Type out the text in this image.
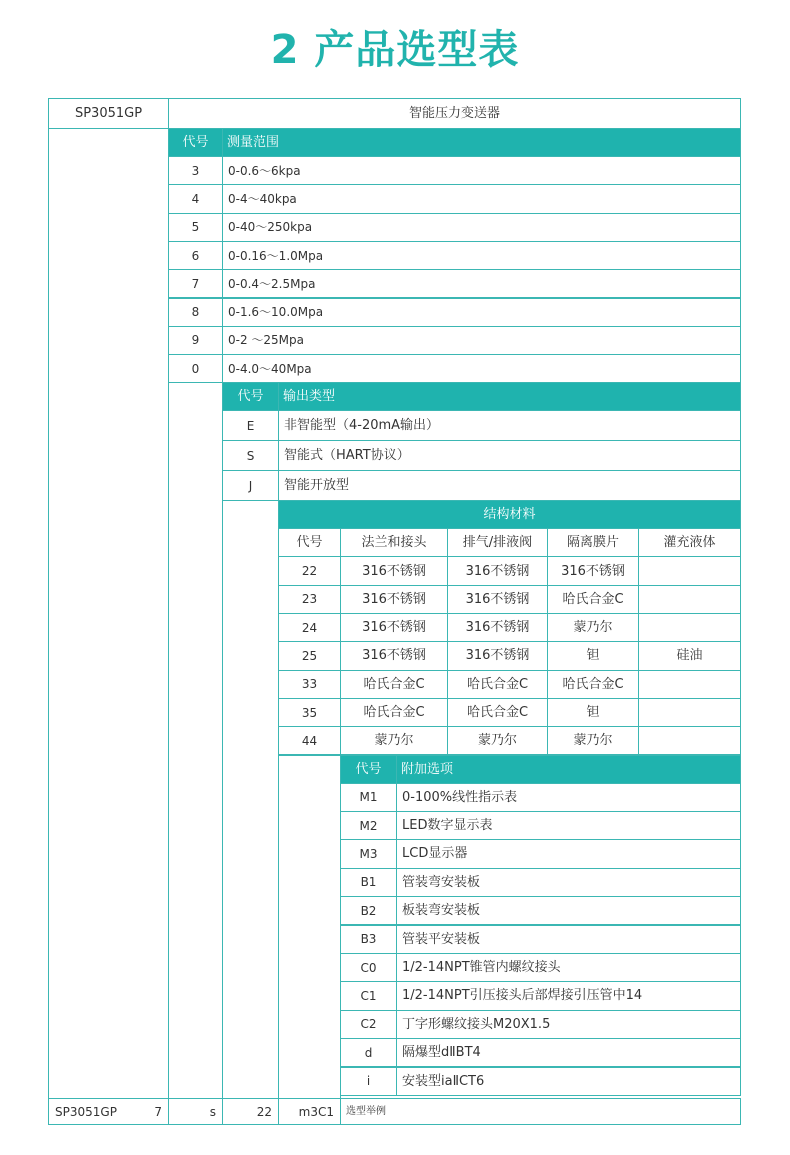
2 产品选型表
SP3051GP	智能压力变送器
代号	测量范围
3	0-0.6～6kpa
4	0-4～40kpa
5	0-40～250kpa
6	0-0.16～1.0Mpa
7	0-0.4～2.5Mpa
8	0-1.6～10.0Mpa
9	0-2 ～25Mpa
0	0-4.0～40Mpa
代号	输出类型
E	非智能型（4-20mA输出）
S	智能式（HART协议）
J	智能开放型
结构材料
代号	法兰和接头	排气/排液阀	隔离膜片	灌充液体
22	316不锈钢	316不锈钢	316不锈钢
23	316不锈钢	316不锈钢	哈氏合金C
24	316不锈钢	316不锈钢	蒙乃尔
25	316不锈钢	316不锈钢	钽	硅油
33	哈氏合金C	哈氏合金C	哈氏合金C
35	哈氏合金C	哈氏合金C	钽
44	蒙乃尔	蒙乃尔	蒙乃尔
代号	附加选项
M1	0-100%线性指示表
M2	LED数字显示表
M3	LCD显示器
B1	管装弯安装板
B2	板装弯安装板
B3	管装平安装板
C0	1/2-14NPT锥管内螺纹接头
C1	1/2-14NPT引压接头后部焊接引压管中14
C2	丁字形螺纹接头M20X1.5
d	隔爆型dⅡBT4
i	安装型iaⅡCT6
SP3051GP	7	s	22	m3C1	选型举例
